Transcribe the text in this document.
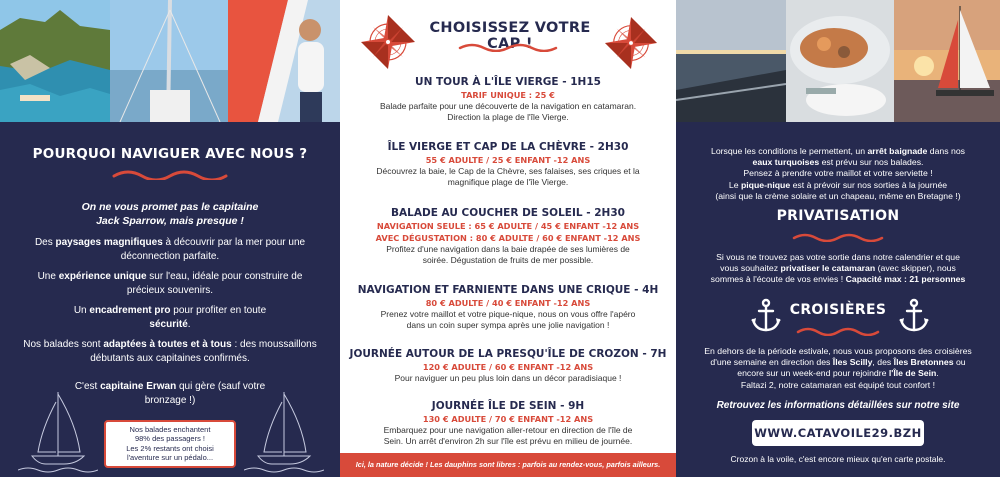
POURQUOI NAVIGUER AVEC NOUS ?
On ne vous promet pas le capitaine
Jack Sparrow, mais presque !
Des paysages magnifiques à découvrir par la mer pour une déconnection parfaite.
Une expérience unique sur l'eau, idéale pour construire de précieux souvenirs.
Un encadrement pro pour profiter en toute sécurité.
Nos balades sont adaptées à toutes et à tous : des moussaillons débutants aux capitaines confirmés.
C'est capitaine Erwan qui gère (sauf votre bronzage !)
Nos balades enchantent
98% des passagers !
Les 2% restants ont choisi
l'aventure sur un pédalo...
CHOISISSEZ VOTRE CAP !
UN TOUR À L'ÎLE VIERGE - 1H15
TARIF UNIQUE : 25 €
Balade parfaite pour une découverte de la navigation en catamaran.
Direction la plage de l'île Vierge.
ÎLE VIERGE ET CAP DE LA CHÈVRE - 2H30
55 € ADULTE / 25 € ENFANT -12 ANS
Découvrez la baie, le Cap de la Chèvre, ses falaises, ses criques et la
magnifique plage de l'île Vierge.
BALADE AU COUCHER DE SOLEIL - 2H30
NAVIGATION SEULE : 65 € ADULTE / 45 € ENFANT -12 ANS
AVEC DÉGUSTATION : 80 € ADULTE / 60 € ENFANT -12 ANS
Profitez d'une navigation dans la baie drapée de ses lumières de
soirée. Dégustation de fruits de mer possible.
NAVIGATION ET FARNIENTE DANS UNE CRIQUE - 4H
80 € ADULTE / 40 € ENFANT -12 ANS
Prenez votre maillot et votre pique-nique, nous on vous offre l'apéro
dans un coin super sympa après une jolie navigation !
JOURNÉE AUTOUR DE LA PRESQU'ÎLE DE CROZON - 7H
120 € ADULTE / 60 € ENFANT -12 ANS
Pour naviguer un peu plus loin dans un décor paradisiaque !
JOURNÉE ÎLE DE SEIN - 9H
130 € ADULTE / 70 € ENFANT -12 ANS
Embarquez pour une navigation aller-retour en direction de l'île de
Sein. Un arrêt d'environ 2h sur l'île est prévu en milieu de journée.
Ici, la nature décide ! Les dauphins sont libres : parfois au rendez-vous, parfois ailleurs.
Lorsque les conditions le permettent, un arrêt baignade dans nos
eaux turquoises est prévu sur nos balades.
Pensez à prendre votre maillot et votre serviette !
Le pique-nique est à prévoir sur nos sorties à la journée
(ainsi que la crème solaire et un chapeau, même en Bretagne !)
PRIVATISATION
Si vous ne trouvez pas votre sortie dans notre calendrier et que
vous souhaitez privatiser le catamaran (avec skipper), nous
sommes à l'écoute de vos envies ! Capacité max : 21 personnes
CROISIÈRES
En dehors de la période estivale, nous vous proposons des croisières
d'une semaine en direction des Îles Scilly, des Îles Bretonnes ou
encore sur un week-end pour rejoindre l'Île de Sein.
Faltazi 2, notre catamaran est équipé tout confort !
Retrouvez les informations détaillées sur notre site
WWW.CATAVOILE29.BZH
Crozon à la voile, c'est encore mieux qu'en carte postale.
